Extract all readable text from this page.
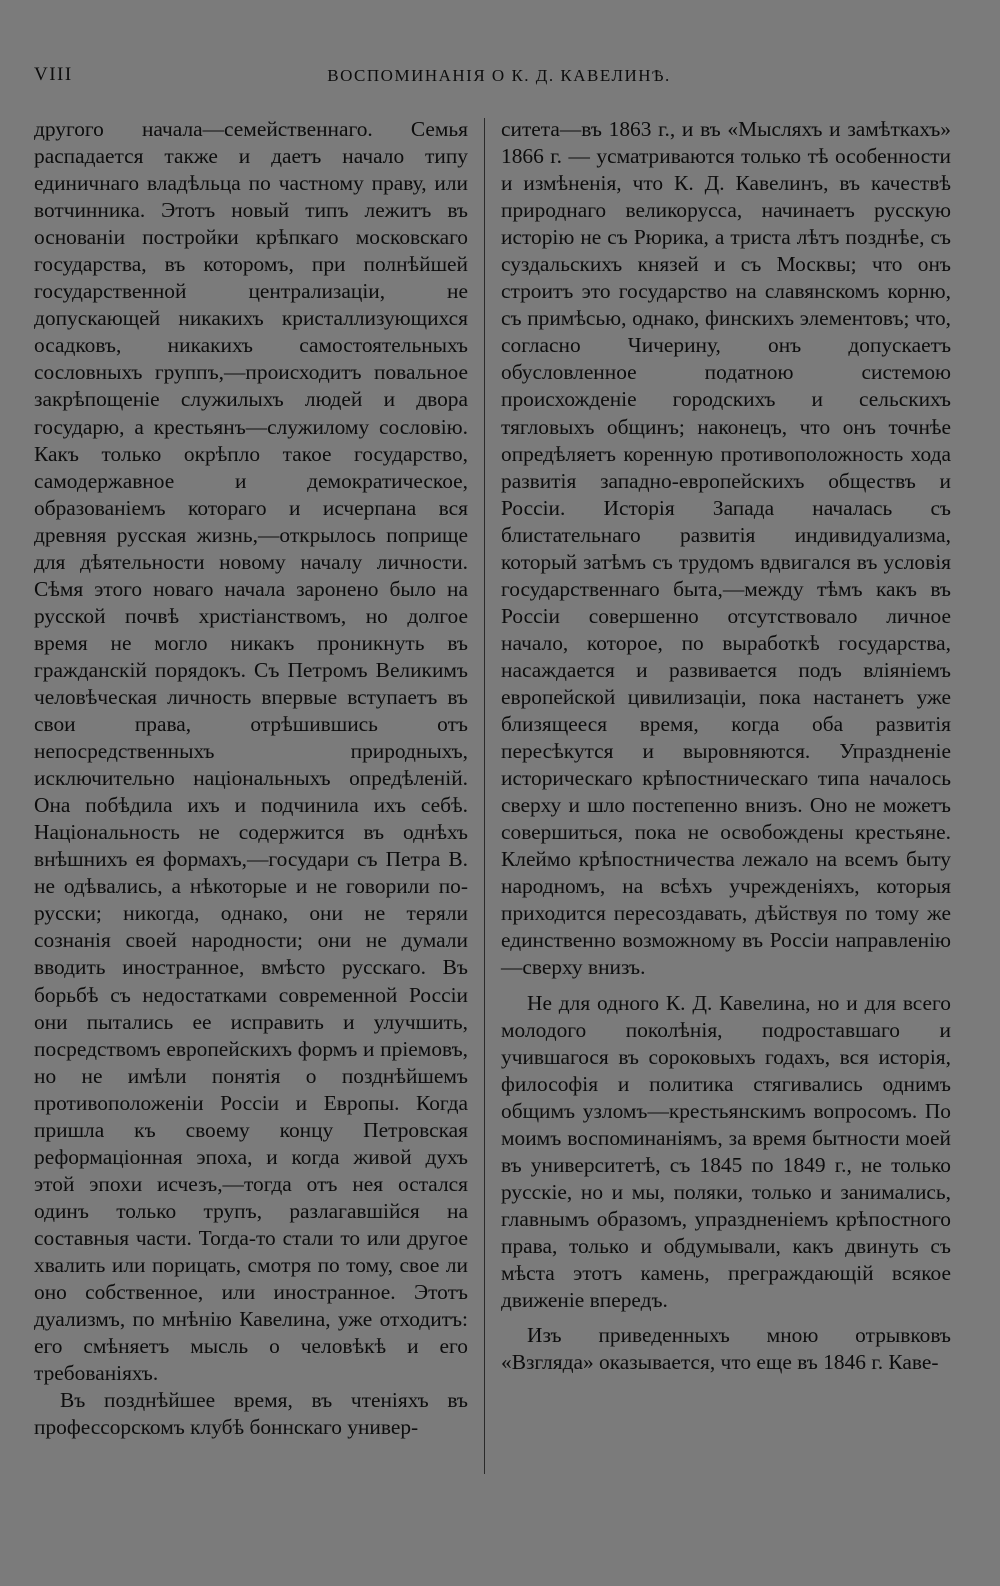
VIII	ВОСПОМИНАНІЯ О К. Д. КАВЕЛИНѢ.

другого начала—семейственнаго. Семья распадается также и даетъ начало типу единичнаго владѣльца по частному праву, или вотчинника. Этотъ новый типъ лежитъ въ основаніи постройки крѣпкаго московскаго государства, въ которомъ, при полнѣйшей государственной централизаціи, не допускающей никакихъ кристаллизующихся осадковъ, никакихъ самостоятельныхъ сословныхъ группъ,—происходитъ повальное закрѣпощеніе служилыхъ людей и двора государю, а крестьянъ—служилому сословію. Какъ только окрѣпло такое государство, самодержавное и демократическое, образованіемъ котораго и исчерпана вся древняя русская жизнь,—открылось поприще для дѣятельности новому началу личности. Сѣмя этого новаго начала заронено было на русской почвѣ христіанствомъ, но долгое время не могло никакъ проникнуть въ гражданскій порядокъ. Съ Петромъ Великимъ человѣческая личность впервые вступаетъ въ свои права, отрѣшившись отъ непосредственныхъ природныхъ, исключительно національныхъ опредѣленій. Она побѣдила ихъ и подчинила ихъ себѣ. Національность не содержится въ однѣхъ внѣшнихъ ея формахъ,—государи съ Петра В. не одѣвались, а нѣкоторые и не говорили по-русски; никогда, однако, они не теряли сознанія своей народности; они не думали вводить иностранное, вмѣсто русскаго. Въ борьбѣ съ недостатками современной Россіи они пытались ее исправить и улучшить, посредствомъ европейскихъ формъ и пріемовъ, но не имѣли понятія о позднѣйшемъ противоположеніи Россіи и Европы. Когда пришла къ своему концу Петровская реформаціонная эпоха, и когда живой духъ этой эпохи исчезъ,—тогда отъ нея остался одинъ только трупъ, разлагавшійся на составныя части. Тогда-то стали то или другое хвалить или порицать, смотря по тому, свое ли оно собственное, или иностранное. Этотъ дуализмъ, по мнѣнію Кавелина, уже отходитъ: его смѣняетъ мысль о человѣкѣ и его требованіяхъ.

Въ позднѣйшее время, въ чтеніяхъ въ профессорскомъ клубѣ боннскаго универ-

ситета—въ 1863 г., и въ «Мысляхъ и замѣткахъ» 1866 г. — усматриваются только тѣ особенности и измѣненія, что К. Д. Кавелинъ, въ качествѣ природнаго великорусса, начинаетъ русскую исторію не съ Рюрика, а триста лѣтъ позднѣе, съ суздальскихъ князей и съ Москвы; что онъ строитъ это государство на славянскомъ корню, съ примѣсью, однако, финскихъ элементовъ; что, согласно Чичерину, онъ допускаетъ обусловленное податною системою происхожденіе городскихъ и сельскихъ тягловыхъ общинъ; наконецъ, что онъ точнѣе опредѣляетъ коренную противоположность хода развитія западно-европейскихъ обществъ и Россіи. Исторія Запада началась съ блистательнаго развитія индивидуализма, который затѣмъ съ трудомъ вдвигался въ условія государственнаго быта,—между тѣмъ какъ въ Россіи совершенно отсутствовало личное начало, которое, по выработкѣ государства, насаждается и развивается подъ вліяніемъ европейской цивилизаціи, пока настанетъ уже близящееся время, когда оба развитія пересѣкутся и выровняются. Упраздненіе историческаго крѣпостническаго типа началось сверху и шло постепенно внизъ. Оно не можетъ совершиться, пока не освобождены крестьяне. Клеймо крѣпостничества лежало на всемъ быту народномъ, на всѣхъ учрежденіяхъ, которыя приходится пересоздавать, дѣйствуя по тому же единственно возможному въ Россіи направленію—сверху внизъ.

Не для одного К. Д. Кавелина, но и для всего молодого поколѣнія, подроставшаго и учившагося въ сороковыхъ годахъ, вся исторія, философія и политика стягивались однимъ общимъ узломъ—крестьянскимъ вопросомъ. По моимъ воспоминаніямъ, за время бытности моей въ университетѣ, съ 1845 по 1849 г., не только русскіе, но и мы, поляки, только и занимались, главнымъ образомъ, упраздненіемъ крѣпостного права, только и обдумывали, какъ двинуть съ мѣста этотъ камень, преграждающій всякое движеніе впередъ.

Изъ приведенныхъ мною отрывковъ «Взгляда» оказывается, что еще въ 1846 г. Каве-
